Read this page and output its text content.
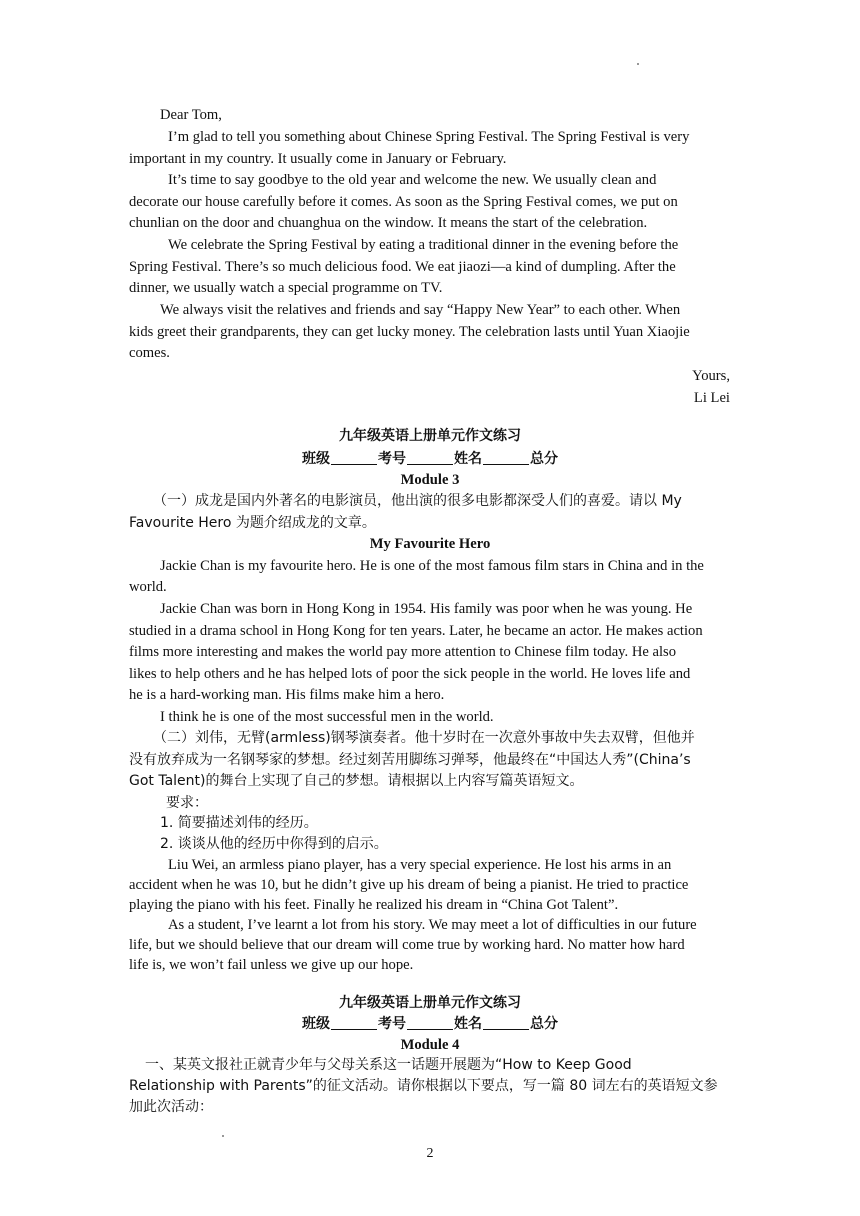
Dear Tom,
I’m glad to tell you something about Chinese Spring Festival. The Spring Festival is very
important in my country. It usually come in January or February.
It’s time to say goodbye to the old year and welcome the new. We usually clean and
decorate our house carefully before it comes. As soon as the Spring Festival comes, we put on
chunlian on the door and chuanghua on the window. It means the start of the celebration.
We celebrate the Spring Festival by eating a traditional dinner in the evening before the
Spring Festival. There’s so much delicious food. We eat jiaozi—a kind of dumpling. After the
dinner, we usually watch a special programme on TV.
We always visit the relatives and friends and say “Happy New Year” to each other. When
kids greet their grandparents, they can get lucky money. The celebration lasts until Yuan Xiaojie
comes.
Yours,
Li Lei
九年级英语上册单元作文练习
班级	考号	姓名	总分
Module 3
（一）成龙是国内外著名的电影演员，他出演的很多电影都深受人们的喜爱。请以 My
Favourite Hero 为题介绍成龙的文章。
My Favourite Hero
Jackie Chan is my favourite hero. He is one of the most famous film stars in China and in the
world.
Jackie Chan was born in Hong Kong in 1954. His family was poor when he was young. He
studied in a drama school in Hong Kong for ten years. Later, he became an actor. He makes action
films more interesting and makes the world pay more attention to Chinese film today. He also
likes to help others and he has helped lots of poor the sick people in the world. He loves life and
he is a hard-working man. His films make him a hero.
I think he is one of the most successful men in the world.
（二）刘伟，无臂(armless)钢琴演奏者。他十岁时在一次意外事故中失去双臂，但他并
没有放弃成为一名钢琴家的梦想。经过刻苦用脚练习弹琴，他最终在“中国达人秀”(China’s
Got Talent)的舞台上实现了自己的梦想。请根据以上内容写篇英语短文。
要求：
1. 简要描述刘伟的经历。
2. 谈谈从他的经历中你得到的启示。
Liu Wei, an armless piano player, has a very special experience. He lost his arms in an
accident when he was 10, but he didn’t give up his dream of being a pianist. He tried to practice
playing the piano with his feet. Finally he realized his dream in “China Got Talent”.
As a student, I’ve learnt a lot from his story. We may meet a lot of difficulties in our future
life, but we should believe that our dream will come true by working hard. No matter how hard
life is, we won’t fail unless we give up our hope.
九年级英语上册单元作文练习
班级	考号	姓名	总分
Module 4
一、某英文报社正就青少年与父母关系这一话题开展题为“How to Keep Good
Relationship with Parents”的征文活动。请你根据以下要点，写一篇 80 词左右的英语短文参
加此次活动：
2
